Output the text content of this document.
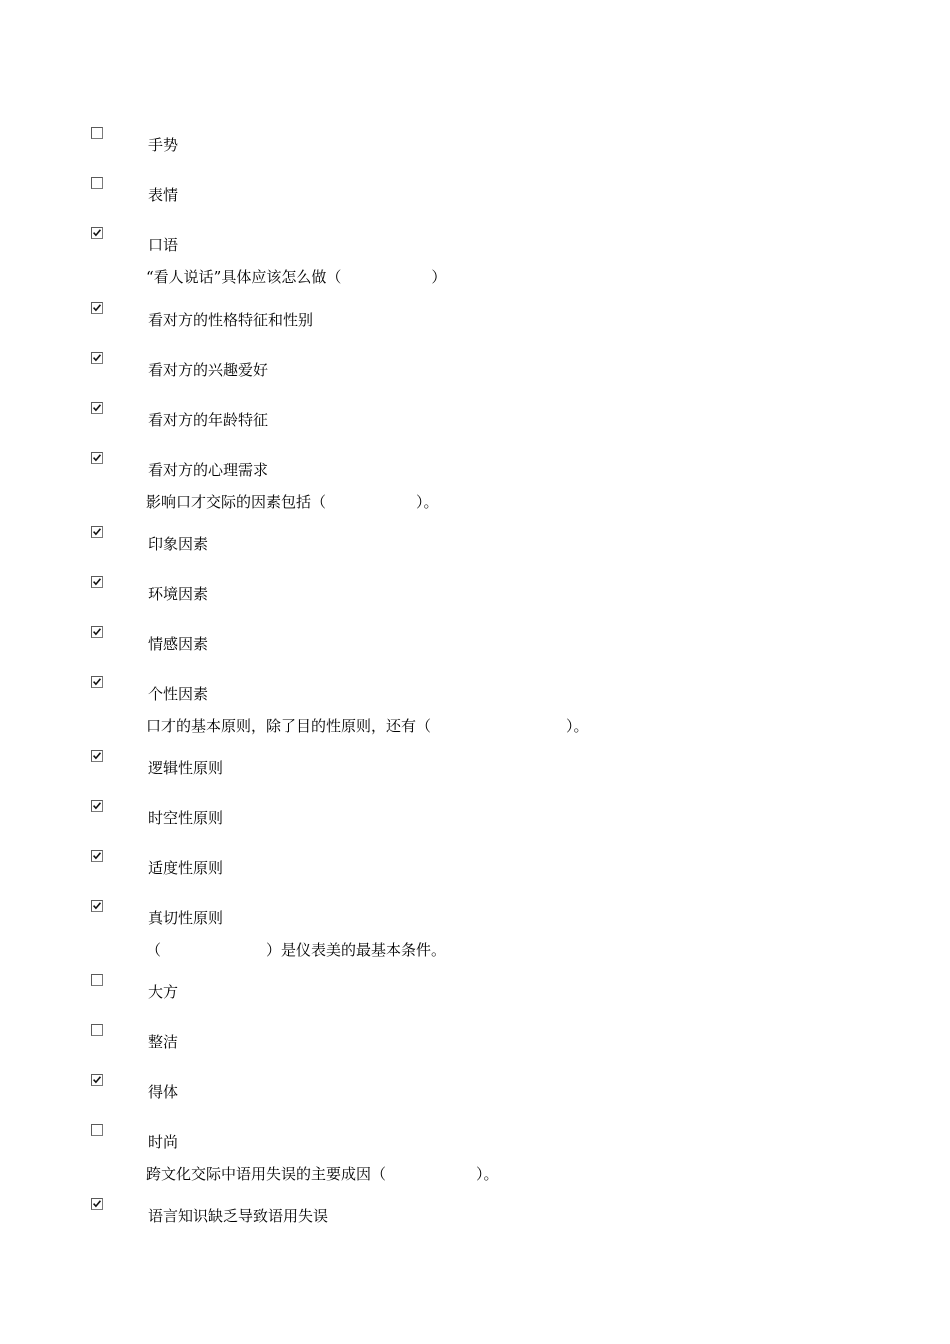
手势
表情
口语
“看人说话”具体应该怎么做（　　　　　　）
看对方的性格特征和性别
看对方的兴趣爱好
看对方的年龄特征
看对方的心理需求
影响口才交际的因素包括（　　　　　　）。
印象因素
环境因素
情感因素
个性因素
口才的基本原则，除了目的性原则，还有（　　　　　　　　　）。
逻辑性原则
时空性原则
适度性原则
真切性原则
（　　　　　　　）是仪表美的最基本条件。
大方
整洁
得体
时尚
跨文化交际中语用失误的主要成因（　　　　　　）。
语言知识缺乏导致语用失误
